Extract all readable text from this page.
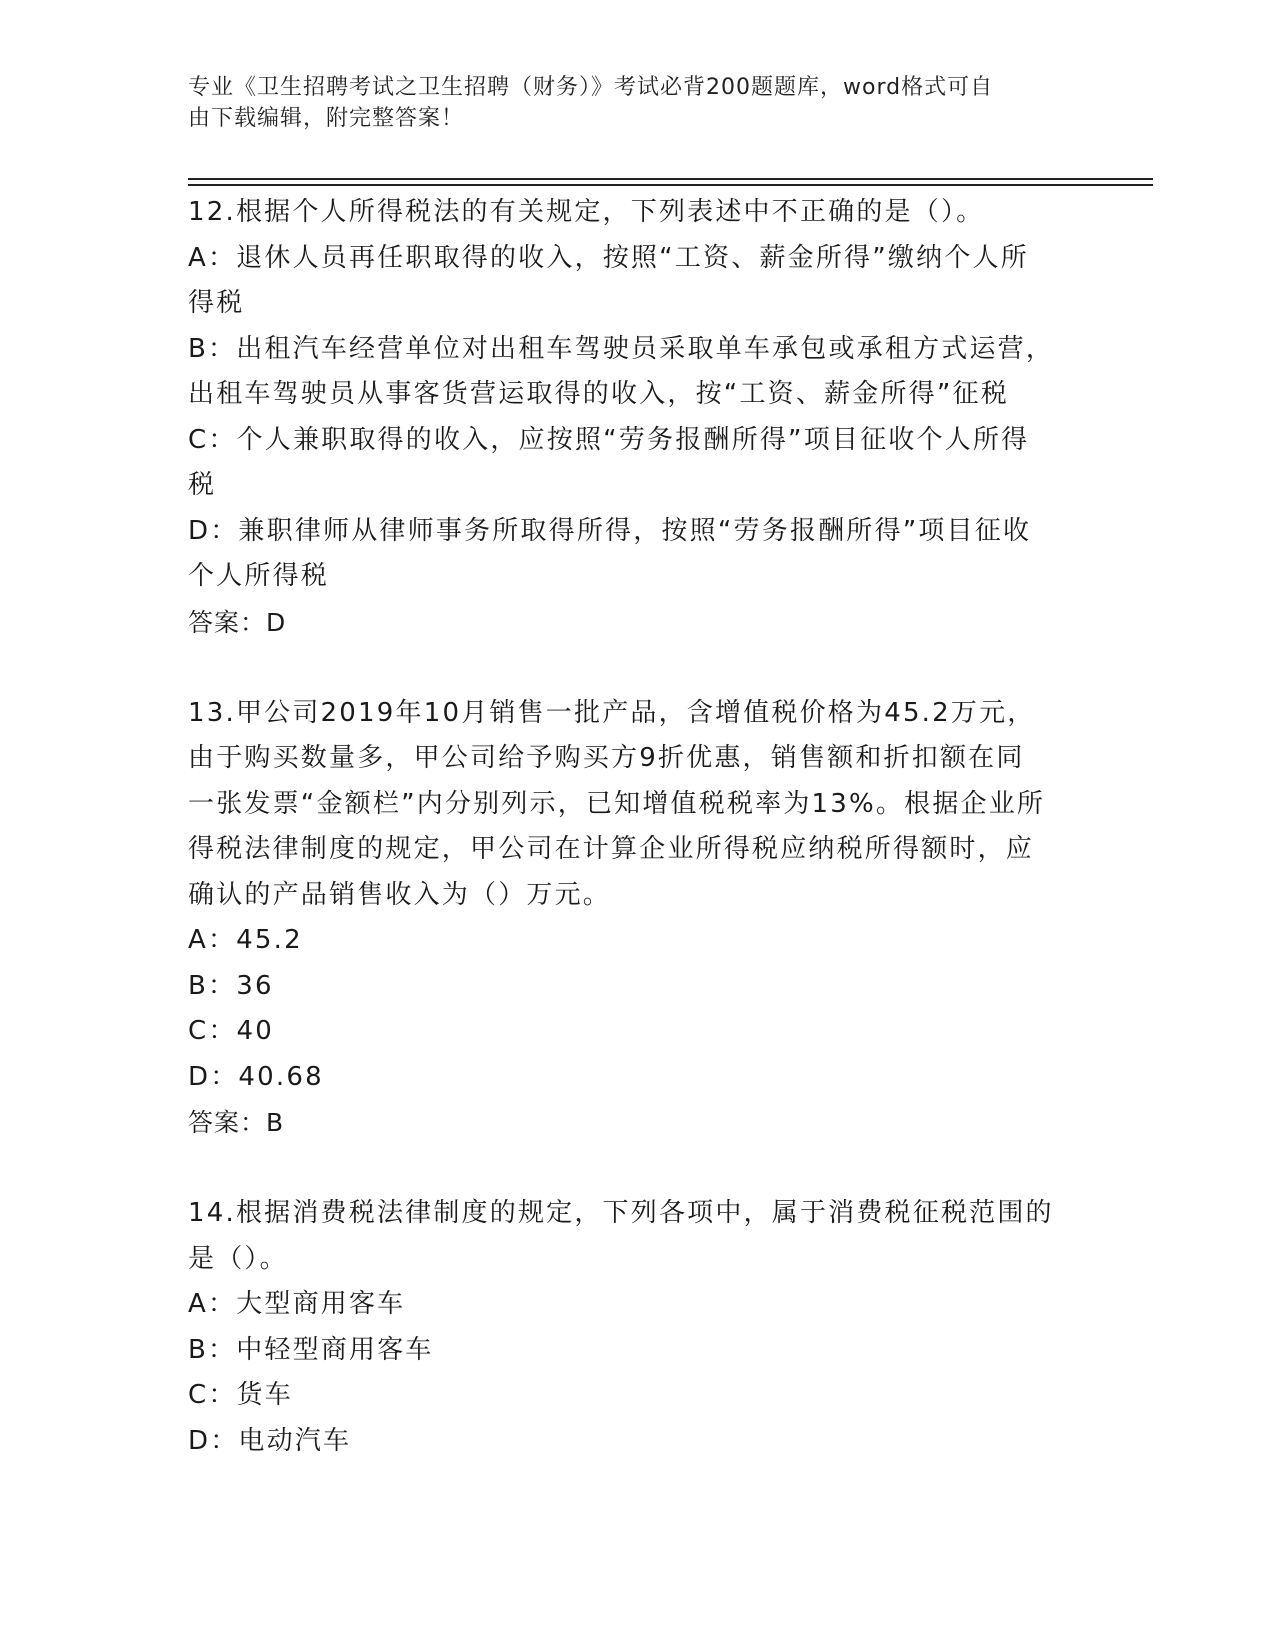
专业《卫生招聘考试之卫生招聘（财务）》考试必背200题题库，word格式可自
由下载编辑，附完整答案！

12.根据个人所得税法的有关规定，下列表述中不正确的是（）。

A：退休人员再任职取得的收入，按照“工资、薪金所得”缴纳个人所

得税

B：出租汽车经营单位对出租车驾驶员采取单车承包或承租方式运营，

出租车驾驶员从事客货营运取得的收入，按“工资、薪金所得”征税

C：个人兼职取得的收入，应按照“劳务报酬所得”项目征收个人所得

税

D：兼职律师从律师事务所取得所得，按照“劳务报酬所得”项目征收

个人所得税

答案：D

13.甲公司2019年10月销售一批产品，含增值税价格为45.2万元，

由于购买数量多，甲公司给予购买方9折优惠，销售额和折扣额在同

一张发票“金额栏”内分别列示，已知增值税税率为13%。根据企业所

得税法律制度的规定，甲公司在计算企业所得税应纳税所得额时，应

确认的产品销售收入为（）万元。

A：45.2

B：36

C：40

D：40.68

答案：B

14.根据消费税法律制度的规定，下列各项中，属于消费税征税范围的

是（）。

A：大型商用客车

B：中轻型商用客车

C：货车

D：电动汽车
